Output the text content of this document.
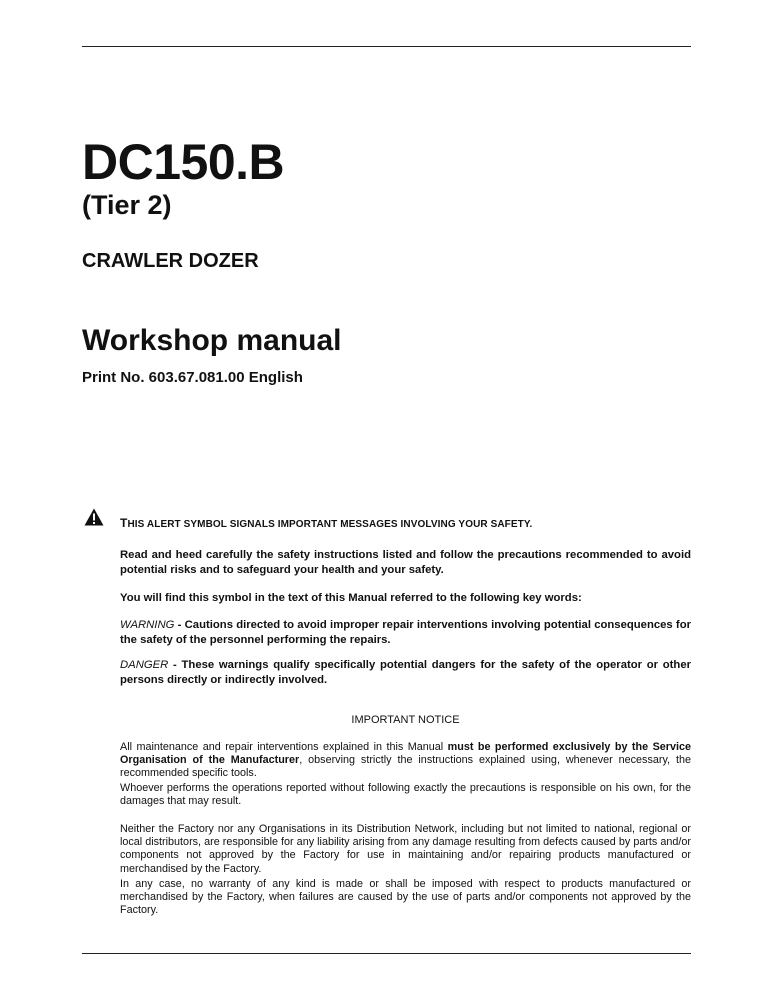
DC150.B
(Tier 2)
CRAWLER DOZER
Workshop manual
Print No. 603.67.081.00 English
THIS ALERT SYMBOL SIGNALS IMPORTANT MESSAGES INVOLVING YOUR SAFETY.
Read and heed carefully the safety instructions listed and follow the precautions recommended to avoid potential risks and to safeguard your health and your safety.
You will find this symbol in the text of this Manual referred to the following key words:
WARNING - Cautions directed to avoid improper repair interventions involving potential consequences for the safety of the personnel performing the repairs.
DANGER - These warnings qualify specifically potential dangers for the safety of the operator or other persons directly or indirectly involved.
IMPORTANT NOTICE
All maintenance and repair interventions explained in this Manual must be performed exclusively by the Service Organisation of the Manufacturer, observing strictly the instructions explained using, whenever necessary, the recommended specific tools.
Whoever performs the operations reported without following exactly the precautions is responsible on his own, for the damages that may result.
Neither the Factory nor any Organisations in its Distribution Network, including but not limited to national, regional or local distributors, are responsible for any liability arising from any damage resulting from defects caused by parts and/or components not approved by the Factory for use in maintaining and/or repairing products manufactured or merchandised by the Factory.
In any case, no warranty of any kind is made or shall be imposed with respect to products manufactured or merchandised by the Factory, when failures are caused by the use of parts and/or components not approved by the Factory.
